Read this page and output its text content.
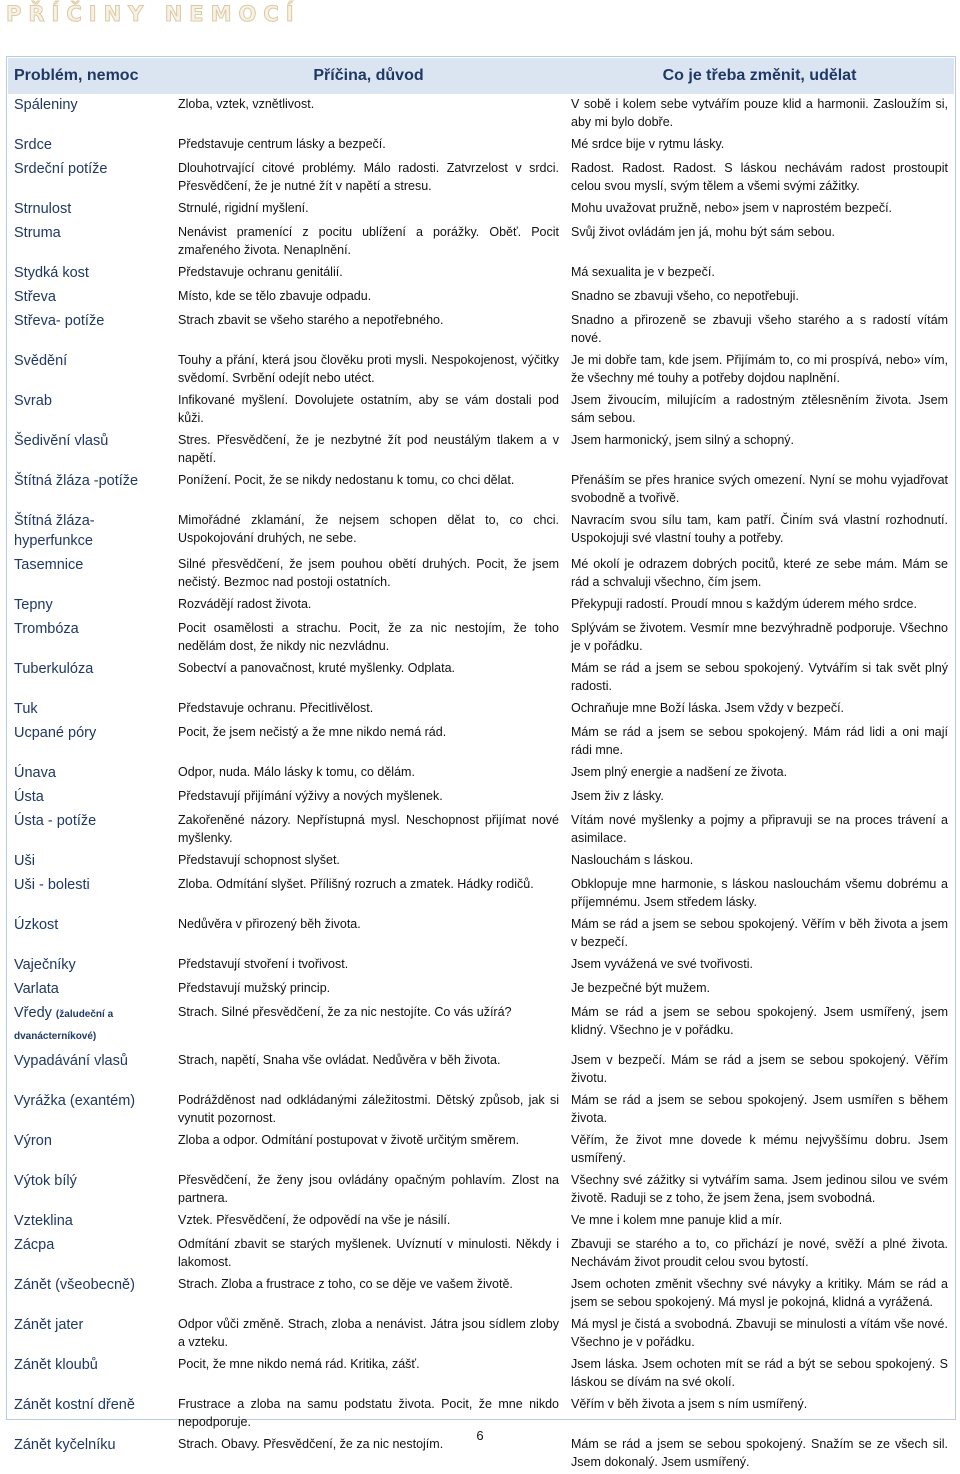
PŘÍČINY NEMOCÍ
Problém, nemoc	Příčina, důvod	Co je třeba změnit, udělat
Spáleniny	Zloba, vztek, vznětlivost.	V sobě i kolem sebe vytvářím pouze klid a harmonii. Zasloužím si, aby mi bylo dobře.
Srdce	Představuje centrum lásky a bezpečí.	Mé srdce bije v rytmu lásky.
Srdeční potíže	Dlouhotrvající citové problémy. Málo radosti. Zatvrzelost v srdci. Přesvědčení, že je nutné žít v napětí a stresu.	Radost. Radost. Radost. S láskou nechávám radost prostoupit celou svou myslí, svým tělem a všemi svými zážitky.
Strnulost	Strnulé, rigidní myšlení.	Mohu uvažovat pružně, nebo» jsem v naprostém bezpečí.
Struma	Nenávist pramenící z pocitu ublížení a porážky. Oběť. Pocit zmařeného života. Nenaplnění.	Svůj život ovládám jen já, mohu být sám sebou.
Stydká kost	Představuje ochranu genitálií.	Má sexualita je v bezpečí.
Střeva	Místo, kde se tělo zbavuje odpadu.	Snadno se zbavuji všeho, co nepotřebuji.
Střeva- potíže	Strach zbavit se všeho starého a nepotřebného.	Snadno a přirozeně se zbavuji všeho starého a s radostí vítám nové.
Svědění	Touhy a přání, která jsou člověku proti mysli. Nespokojenost, výčitky svědomí. Svrbění odejít nebo utéct.	Je mi dobře tam, kde jsem. Přijímám to, co mi prospívá, nebo» vím, že všechny mé touhy a potřeby dojdou naplnění.
Svrab	Infikované myšlení. Dovolujete ostatním, aby se vám dostali pod kůži.	Jsem živoucím, milujícím a radostným ztělesněním života. Jsem sám sebou.
Šedivění vlasů	Stres. Přesvědčení, že je nezbytné žít pod neustálým tlakem a v napětí.	Jsem harmonický, jsem silný a schopný.
Štítná žláza -potíže	Ponížení. Pocit, že se nikdy nedostanu k tomu, co chci dělat.	Přenáším se přes hranice svých omezení. Nyní se mohu vyjadřovat svobodně a tvořivě.
Štítná žláza- hyperfunkce	Mimořádné zklamání, že nejsem schopen dělat to, co chci. Uspokojování druhých, ne sebe.	Navracím svou sílu tam, kam patří. Činím svá vlastní rozhodnutí. Uspokojuji své vlastní touhy a potřeby.
Tasemnice	Silné přesvědčení, že jsem pouhou obětí druhých. Pocit, že jsem nečistý. Bezmoc nad postoji ostatních.	Mé okolí je odrazem dobrých pocitů, které ze sebe mám. Mám se rád a schvaluji všechno, čím jsem.
Tepny	Rozvádějí radost života.	Překypuji radostí. Proudí mnou s každým úderem mého srdce.
Trombóza	Pocit osamělosti a strachu. Pocit, že za nic nestojím, že toho nedělám dost, že nikdy nic nezvládnu.	Splývám se životem. Vesmír mne bezvýhradně podporuje. Všechno je v pořádku.
Tuberkulóza	Sobectví a panovačnost, kruté myšlenky. Odplata.	Mám se rád a jsem se sebou spokojený. Vytvářím si tak svět plný radosti.
Tuk	Představuje ochranu. Přecitlivělost.	Ochraňuje mne Boží láska. Jsem vždy v bezpečí.
Ucpané póry	Pocit, že jsem nečistý a že mne nikdo nemá rád.	Mám se rád a jsem se sebou spokojený. Mám rád lidi a oni mají rádi mne.
Únava	Odpor, nuda. Málo lásky k tomu, co dělám.	Jsem plný energie a nadšení ze života.
Ústa	Představují přijímání výživy a nových myšlenek.	Jsem živ z lásky.
Ústa - potíže	Zakořeněné názory. Nepřístupná mysl. Neschopnost přijímat nové myšlenky.	Vítám nové myšlenky a pojmy a připravuji se na proces trávení a asimilace.
Uši	Představují schopnost slyšet.	Naslouchám s láskou.
Uši - bolesti	Zloba. Odmítání slyšet. Přílišný rozruch a zmatek. Hádky rodičů.	Obklopuje mne harmonie, s láskou naslouchám všemu dobrému a příjemnému. Jsem středem lásky.
Úzkost	Nedůvěra v přirozený běh života.	Mám se rád a jsem se sebou spokojený. Věřím v běh života a jsem v bezpečí.
Vaječníky	Představují stvoření i tvořivost.	Jsem vyvážená ve své tvořivosti.
Varlata	Představují mužský princip.	Je bezpečné být mužem.
Vředy (žaludeční a dvanácterníkové)	Strach. Silné přesvědčení, že za nic nestojíte. Co vás užírá?	Mám se rád a jsem se sebou spokojený. Jsem usmířený, jsem klidný. Všechno je v pořádku.
Vypadávání vlasů	Strach, napětí, Snaha vše ovládat. Nedůvěra v běh života.	Jsem v bezpečí. Mám se rád a jsem se sebou spokojený. Věřím životu.
Vyrážka (exantém)	Podrážděnost nad odkládanými záležitostmi. Dětský způsob, jak si vynutit pozornost.	Mám se rád a jsem se sebou spokojený. Jsem usmířen s během života.
Výron	Zloba a odpor. Odmítání postupovat v životě určitým směrem.	Věřím, že život mne dovede k mému nejvyššímu dobru. Jsem usmířený.
Výtok bílý	Přesvědčení, že ženy jsou ovládány opačným pohlavím. Zlost na partnera.	Všechny své zážitky si vytvářím sama. Jsem jedinou silou ve svém životě. Raduji se z toho, že jsem žena, jsem svobodná.
Vzteklina	Vztek. Přesvědčení, že odpovědí na vše je násilí.	Ve mne i kolem mne panuje klid a mír.
Zácpa	Odmítání zbavit se starých myšlenek. Uvíznutí v minulosti. Někdy i lakomost.	Zbavuji se starého a to, co přichází je nové, svěží a plné života. Nechávám život proudit celou svou bytostí.
Zánět (všeobecně)	Strach. Zloba a frustrace z toho, co se děje ve vašem životě.	Jsem ochoten změnit všechny své návyky a kritiky. Mám se rád a jsem se sebou spokojený. Má mysl je pokojná, klidná a vyrážená.
Zánět jater	Odpor vůči změně. Strach, zloba a nenávist. Játra jsou sídlem zloby a vzteku.	Má mysl je čistá a svobodná. Zbavuji se minulosti a vítám vše nové. Všechno je v pořádku.
Zánět kloubů	Pocit, že mne nikdo nemá rád. Kritika, zášť.	Jsem láska. Jsem ochoten mít se rád a být se sebou spokojený. S láskou se dívám na své okolí.
Zánět kostní dřeně	Frustrace a zloba na samu podstatu života. Pocit, že mne nikdo nepodporuje.	Věřím v běh života a jsem s ním usmířený.
Zánět kyčelníku	Strach. Obavy. Přesvědčení, že za nic nestojím.	Mám se rád a jsem se sebou spokojený. Snažím se ze všech sil. Jsem dokonalý. Jsem usmířený.
6
